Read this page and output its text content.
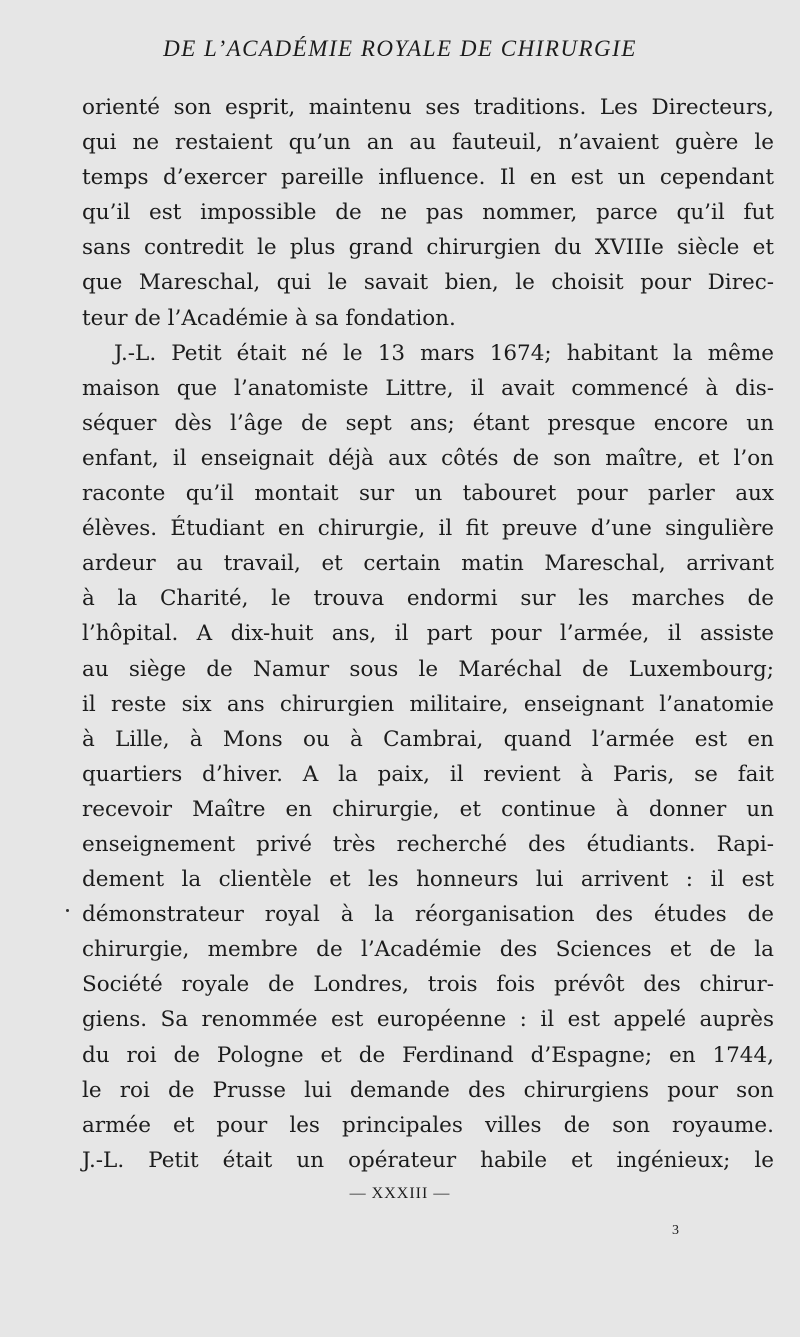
DE L’ACADÉMIE ROYALE DE CHIRURGIE
orienté son esprit, maintenu ses traditions. Les Directeurs,
qui ne restaient qu’un an au fauteuil, n’avaient guère le
temps d’exercer pareille influence. Il en est un cependant
qu’il est impossible de ne pas nommer, parce qu’il fut
sans contredit le plus grand chirurgien du XVIIIe siècle et
que Mareschal, qui le savait bien, le choisit pour Direc-
teur de l’Académie à sa fondation.
J.-L. Petit était né le 13 mars 1674; habitant la même
maison que l’anatomiste Littre, il avait commencé à dis-
séquer dès l’âge de sept ans; étant presque encore un
enfant, il enseignait déjà aux côtés de son maître, et l’on
raconte qu’il montait sur un tabouret pour parler aux
élèves. Étudiant en chirurgie, il fit preuve d’une singulière
ardeur au travail, et certain matin Mareschal, arrivant
à la Charité, le trouva endormi sur les marches de
l’hôpital. A dix-huit ans, il part pour l’armée, il assiste
au siège de Namur sous le Maréchal de Luxembourg;
il reste six ans chirurgien militaire, enseignant l’anatomie
à Lille, à Mons ou à Cambrai, quand l’armée est en
quartiers d’hiver. A la paix, il revient à Paris, se fait
recevoir Maître en chirurgie, et continue à donner un
enseignement privé très recherché des étudiants. Rapi-
dement la clientèle et les honneurs lui arrivent : il est
démonstrateur royal à la réorganisation des études de
chirurgie, membre de l’Académie des Sciences et de la
Société royale de Londres, trois fois prévôt des chirur-
giens. Sa renommée est européenne : il est appelé auprès
du roi de Pologne et de Ferdinand d’Espagne; en 1744,
le roi de Prusse lui demande des chirurgiens pour son
armée et pour les principales villes de son royaume.
J.-L. Petit était un opérateur habile et ingénieux; le
— XXXIII —
3
